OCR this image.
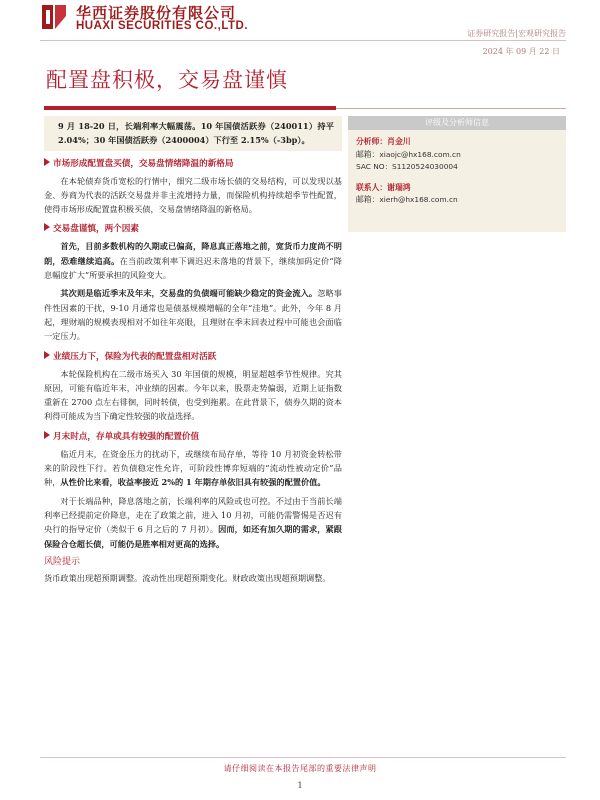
华西证券股份有限公司
HUAXI SECURITIES CO.,LTD.
证券研究报告|宏观研究报告
2024 年 09 月 22 日
配置盘积极，交易盘谨慎
9 月 18-20 日，长端利率大幅震荡。10 年国债活跃券（240011）持平 2.04%；30 年国债活跃券（2400004）下行至 2.15%（-3bp）。
市场形成配置盘买债，交易盘情绪降温的新格局
在本轮债弃货币宽松的行情中，细究二级市场长债的交易结构，可以发现以基金、券商为代表的活跃交易盘并非主流增持力量，而保险机构持续超季节性配置，使得市场形成配置盘积极买债，交易盘情绪降温的新格局。
交易盘谨慎，两个因素
首先，目前多数机构的久期或已偏高，降息真正落地之前，宽货币力度尚不明朗，恐难继续追高。在当前政策利率下调迟迟未落地的背景下，继续加码定价“降息幅度扩大”所要承担的风险变大。
其次则是临近季末及年末，交易盘的负债端可能缺少稳定的资金流入。忽略事件性因素的干扰，9-10 月通常也是债基规模增幅的全年“洼地”。此外，今年 8 月起，理财端的规模表现相对不如往年亮眼，且理财在季末回表过程中可能也会面临一定压力。
业绩压力下，保险为代表的配置盘相对活跃
本轮保险机构在二级市场买入 30 年国债的规模，明显超越季节性规律。究其原因，可能有临近年末，冲业绩的因素。今年以来，股票走势偏弱，近期上证指数重新在 2700 点左右徘徊，同时转债，也受到拖累。在此背景下，债券久期的资本利得可能成为当下确定性较强的收益选择。
月末时点，存单或具有较强的配置价值
临近月末，在资金压力的扰动下，或继续布局存单，等待 10 月初资金转松带来的阶段性下行。若负债稳定性允许，可阶段性博弈短端的“流动性被动定价”品种，从性价比来看，收益率接近 2%的 1 年期存单依旧具有较强的配置价值。
对于长端品种，降息落地之前，长端利率的风险或也可控。不过由于当前长端利率已经提前定价降息，走在了政策之前，进入 10 月初，可能仍需警惕是否迟有央行的指导定价（类似于 6 月之后的 7 月初）。因而，如还有加久期的需求，紧跟保险合仓超长债，可能仍是胜率相对更高的选择。
风险提示
货币政策出现超预期调整。流动性出现超预期变化。财政政策出现超预期调整。
评级及分析师信息
分析师：肖金川
邮箱：xiaojc@hx168.com.cn
SAC NO：S1120524030004
联系人：谢瑞鸿
邮箱：xierh@hx168.com.cn
请仔细阅读在本报告尾部的重要法律声明
1
